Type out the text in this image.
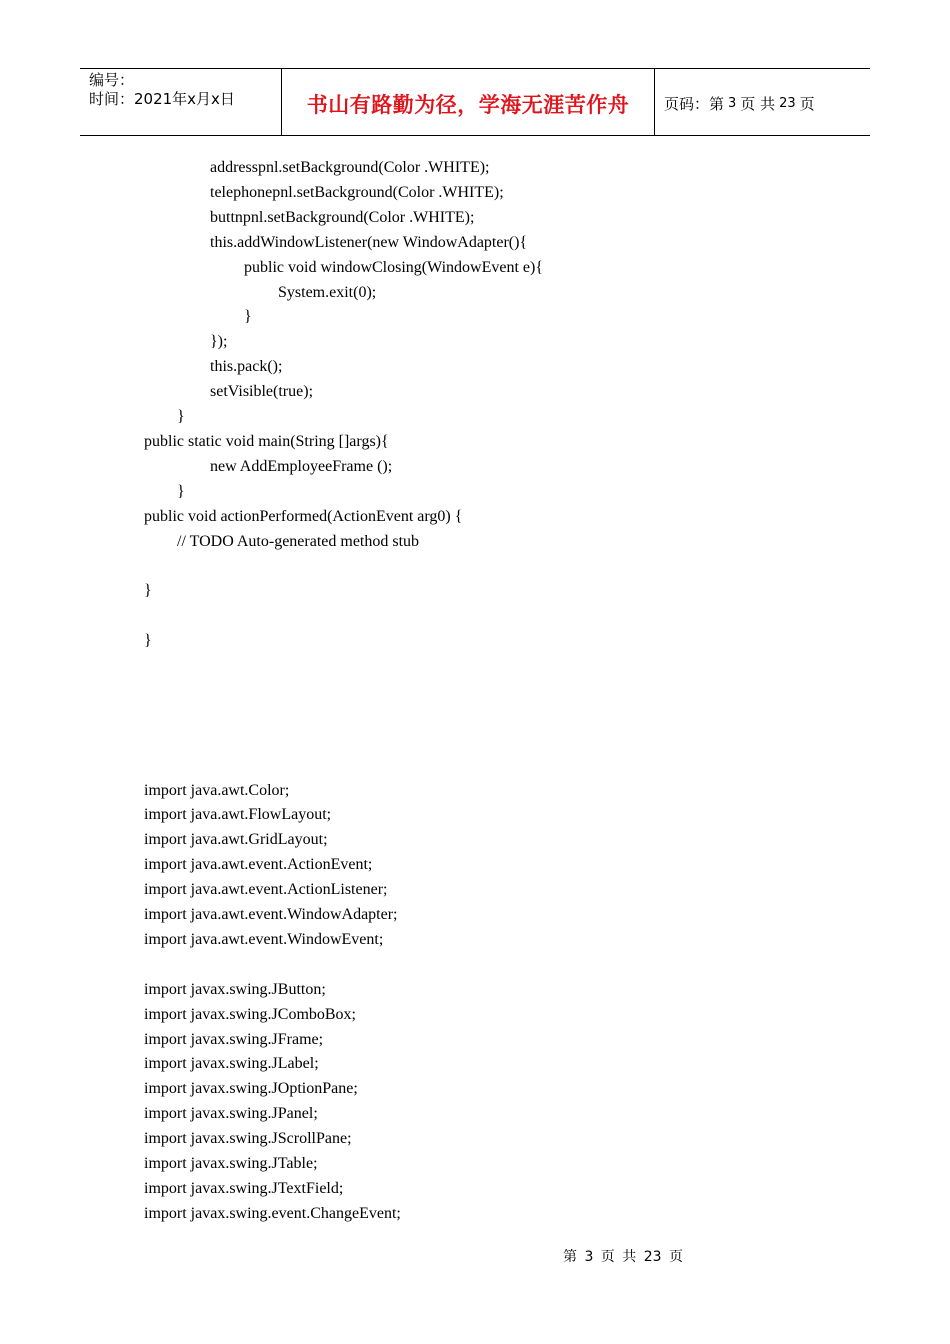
编号：
时间：2021年x月x日	书山有路勤为径，学海无涯苦作舟 页码：第 3 页 共 23 页
addresspnl.setBackground(Color .WHITE);
telephonepnl.setBackground(Color .WHITE);
buttnpnl.setBackground(Color .WHITE);
this.addWindowListener(new WindowAdapter(){
public void windowClosing(WindowEvent e){
System.exit(0);
}
});
this.pack();
setVisible(true);
}
public static void main(String []args){
new AddEmployeeFrame ();
}
public void actionPerformed(ActionEvent arg0) {
// TODO Auto-generated method stub
}
}
import java.awt.Color;
import java.awt.FlowLayout;
import java.awt.GridLayout;
import java.awt.event.ActionEvent;
import java.awt.event.ActionListener;
import java.awt.event.WindowAdapter;
import java.awt.event.WindowEvent;
import javax.swing.JButton;
import javax.swing.JComboBox;
import javax.swing.JFrame;
import javax.swing.JLabel;
import javax.swing.JOptionPane;
import javax.swing.JPanel;
import javax.swing.JScrollPane;
import javax.swing.JTable;
import javax.swing.JTextField;
import javax.swing.event.ChangeEvent;
第 3 页 共 23 页
